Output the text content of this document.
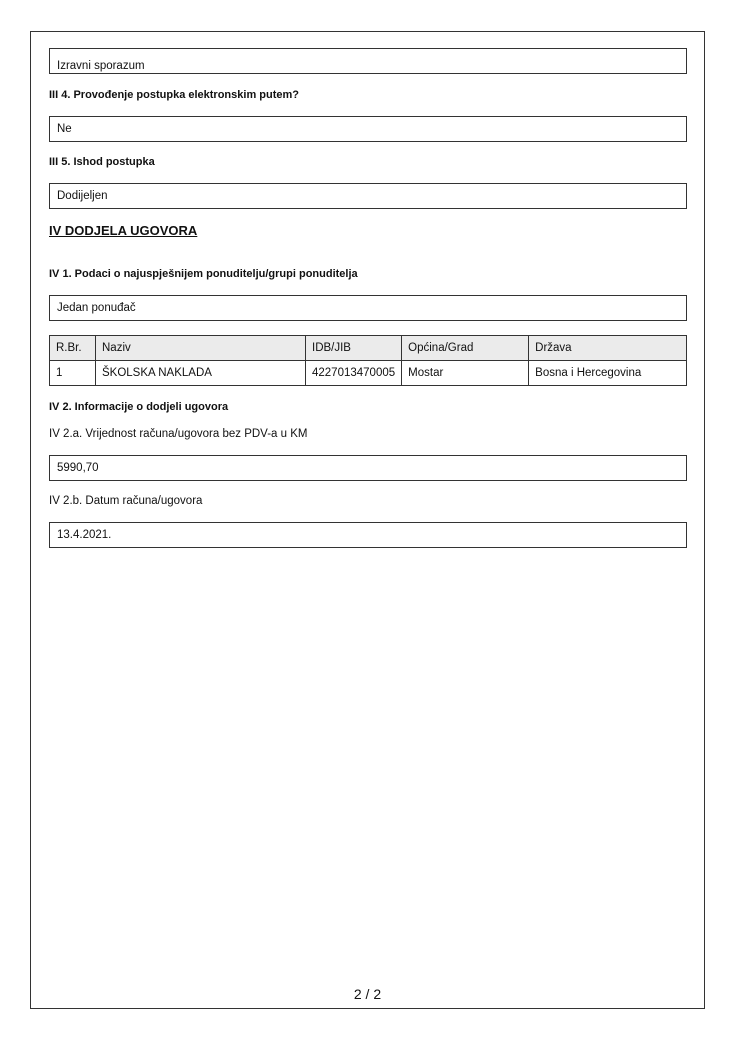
Izravni sporazum
III 4. Provođenje postupka elektronskim putem?
Ne
III 5. Ishod postupka
Dodijeljen
IV DODJELA UGOVORA
IV 1. Podaci o najuspješnijem ponuditelju/grupi ponuditelja
Jedan ponuđač
R.Br.	Naziv	IDB/JIB	Općina/Grad	Država
1	ŠKOLSKA NAKLADA	4227013470005	Mostar	Bosna i Hercegovina
IV 2. Informacije o dodjeli ugovora
IV 2.a. Vrijednost računa/ugovora bez PDV-a u KM
5990,70
IV 2.b. Datum računa/ugovora
13.4.2021.
2 / 2
